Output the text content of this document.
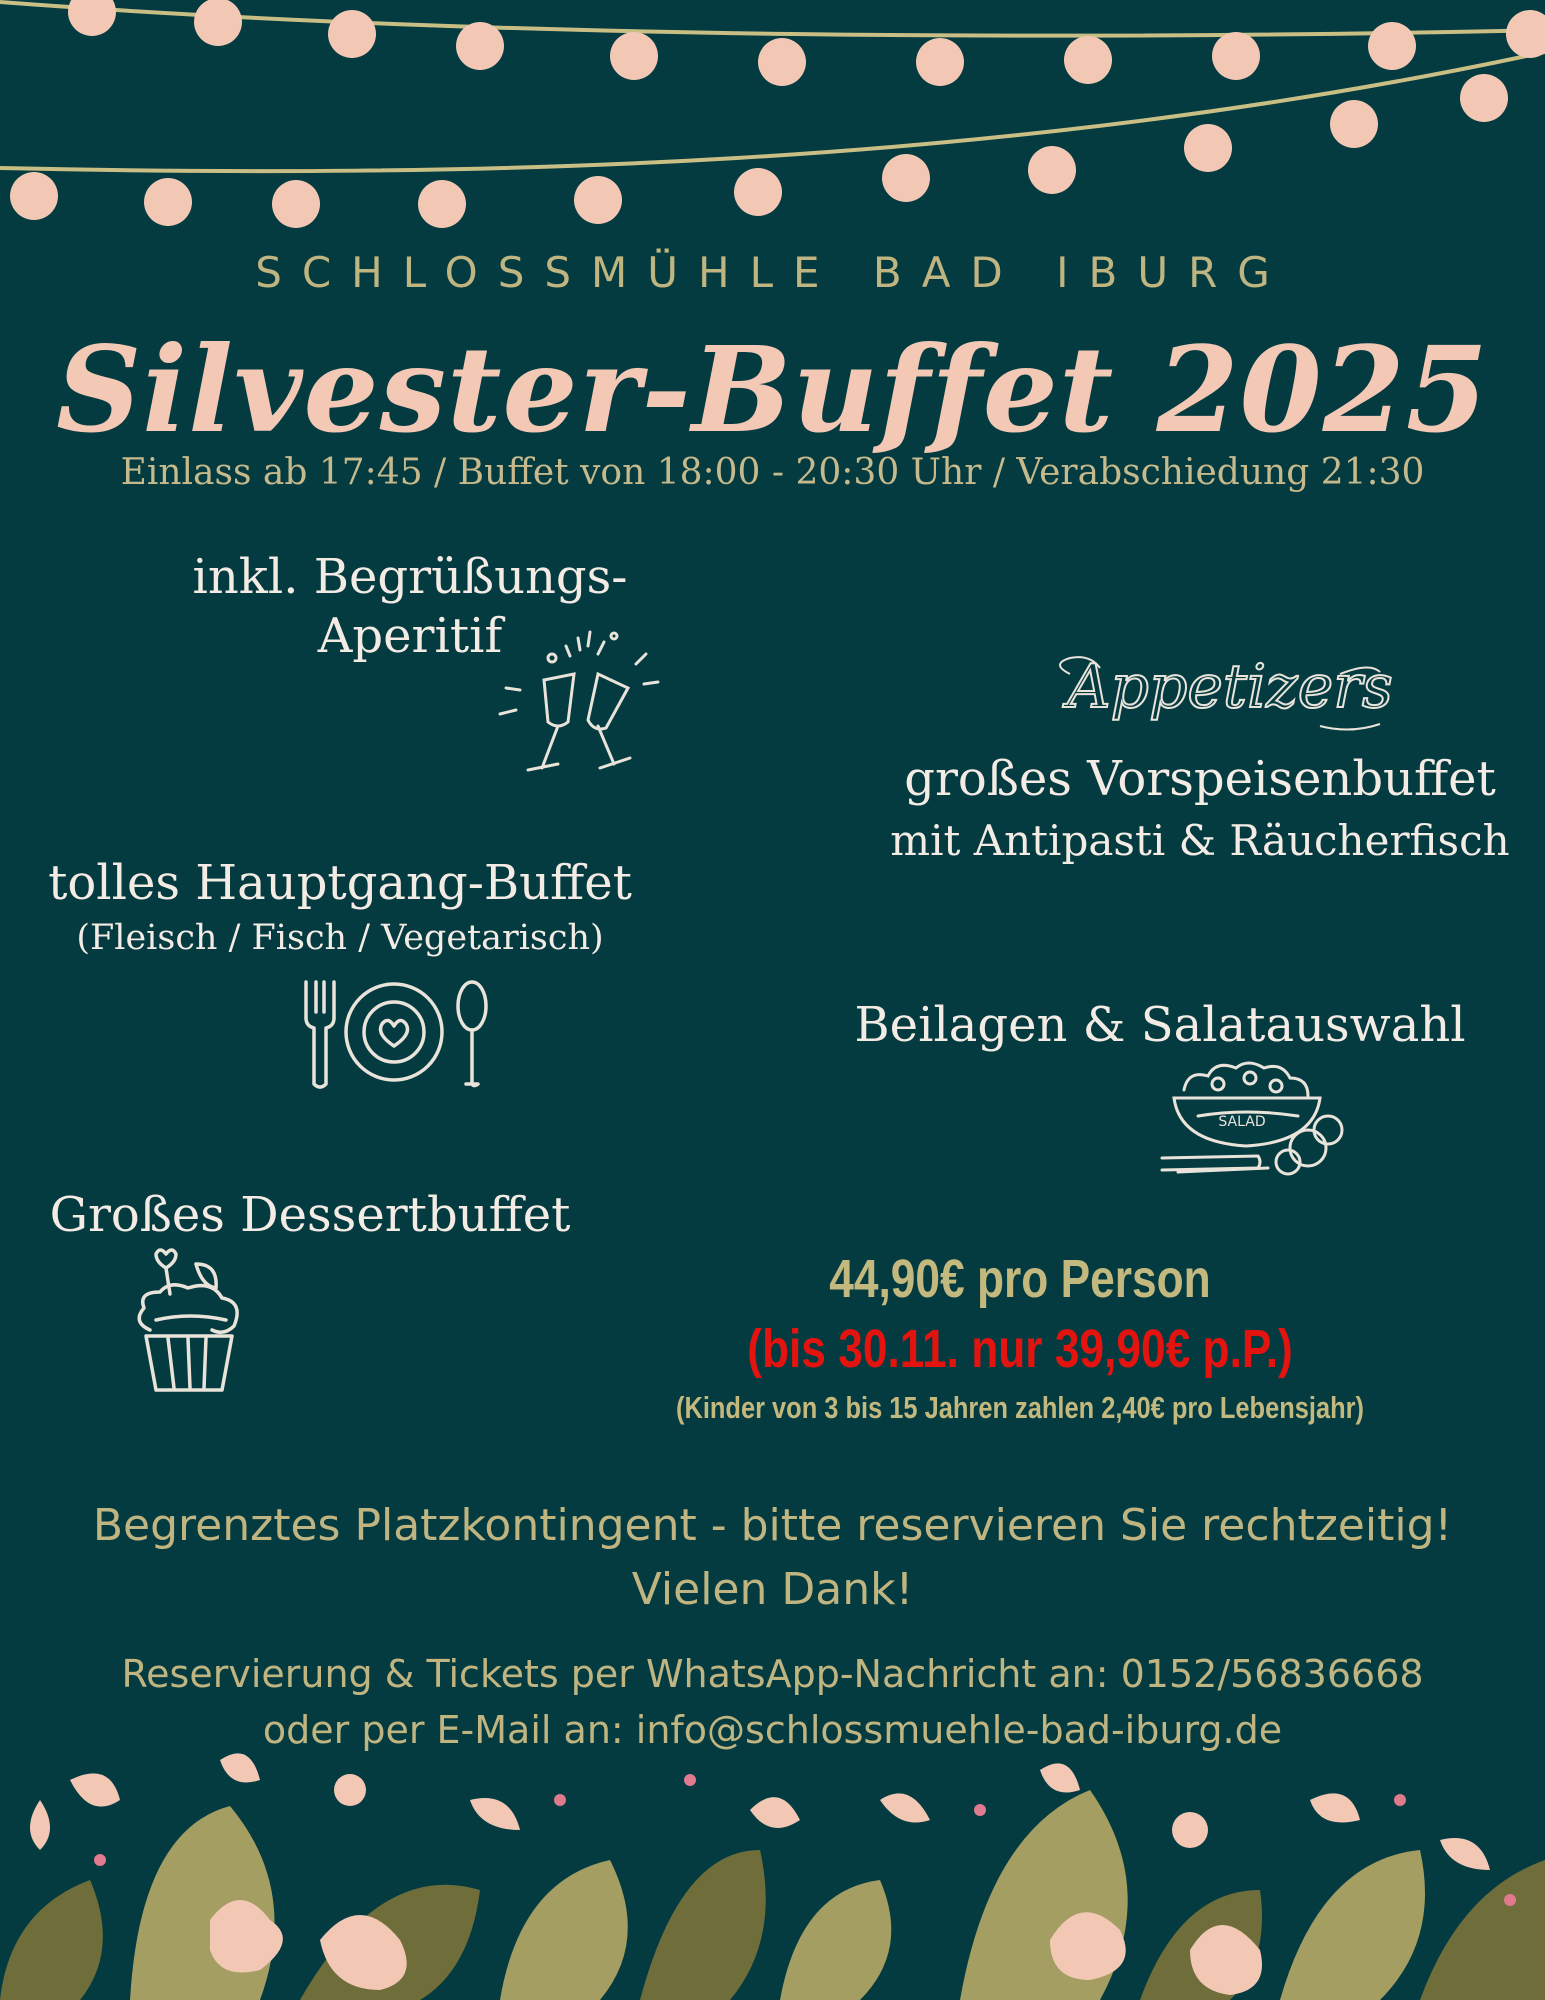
SCHLOSSMÜHLE BAD IBURG
Silvester-Buffet 2025
Einlass ab 17:45 / Buffet von 18:00 - 20:30 Uhr / Verabschiedung 21:30
inkl. Begrüßungs-
Aperitif
Appetizers
großes Vorspeisenbuffet
mit Antipasti & Räucherfisch
tolles Hauptgang-Buffet
(Fleisch / Fisch / Vegetarisch)
Beilagen & Salatauswahl
SALAD
Großes Dessertbuffet
44,90€ pro Person
(bis 30.11. nur 39,90€ p.P.)
(Kinder von 3 bis 15 Jahren zahlen 2,40€ pro Lebensjahr)
Begrenztes Platzkontingent - bitte reservieren Sie rechtzeitig!
Vielen Dank!
Reservierung & Tickets per WhatsApp-Nachricht an: 0152/56836668
oder per E-Mail an: info@schlossmuehle-bad-iburg.de
